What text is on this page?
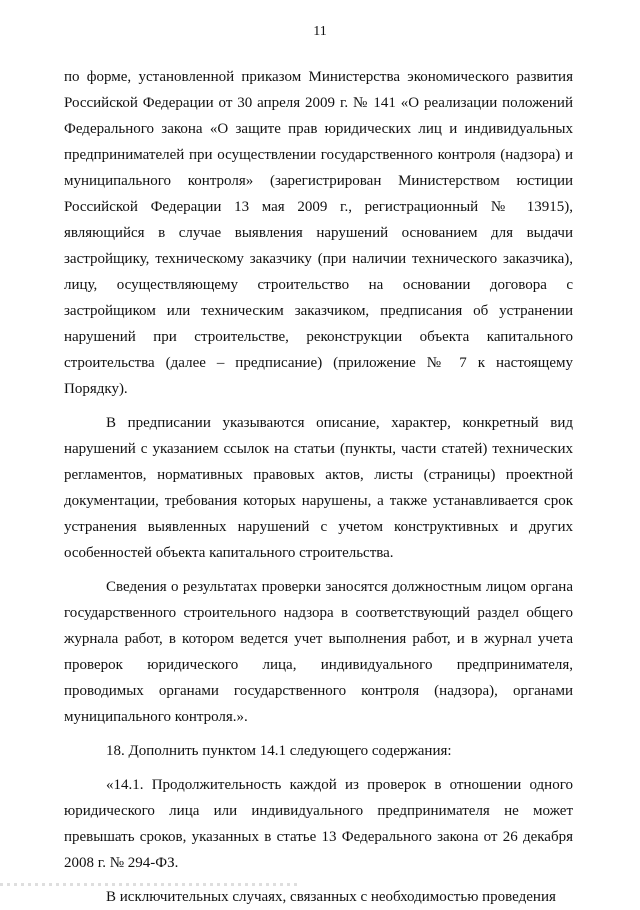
11

по форме, установленной приказом Министерства экономического развития Российской Федерации от 30 апреля 2009 г. № 141 «О реализации положений Федерального закона «О защите прав юридических лиц и индивидуальных предпринимателей при осуществлении государственного контроля (надзора) и муниципального контроля» (зарегистрирован Министерством юстиции Российской Федерации 13 мая 2009 г., регистрационный № 13915), являющийся в случае выявления нарушений основанием для выдачи застройщику, техническому заказчику (при наличии технического заказчика), лицу, осуществляющему строительство на основании договора с застройщиком или техническим заказчиком, предписания об устранении нарушений при строительстве, реконструкции объекта капитального строительства (далее – предписание) (приложение № 7 к настоящему Порядку).

В предписании указываются описание, характер, конкретный вид нарушений с указанием ссылок на статьи (пункты, части статей) технических регламентов, нормативных правовых актов, листы (страницы) проектной документации, требования которых нарушены, а также устанавливается срок устранения выявленных нарушений с учетом конструктивных и других особенностей объекта капитального строительства.

Сведения о результатах проверки заносятся должностным лицом органа государственного строительного надзора в соответствующий раздел общего журнала работ, в котором ведется учет выполнения работ, и в журнал учета проверок юридического лица, индивидуального предпринимателя, проводимых органами государственного контроля (надзора), органами муниципального контроля.».

18. Дополнить пунктом 14.1 следующего содержания:

«14.1. Продолжительность каждой из проверок в отношении одного юридического лица или индивидуального предпринимателя не может превышать сроков, указанных в статье 13 Федерального закона от 26 декабря 2008 г. № 294-ФЗ.

В исключительных случаях, связанных с необходимостью проведения
